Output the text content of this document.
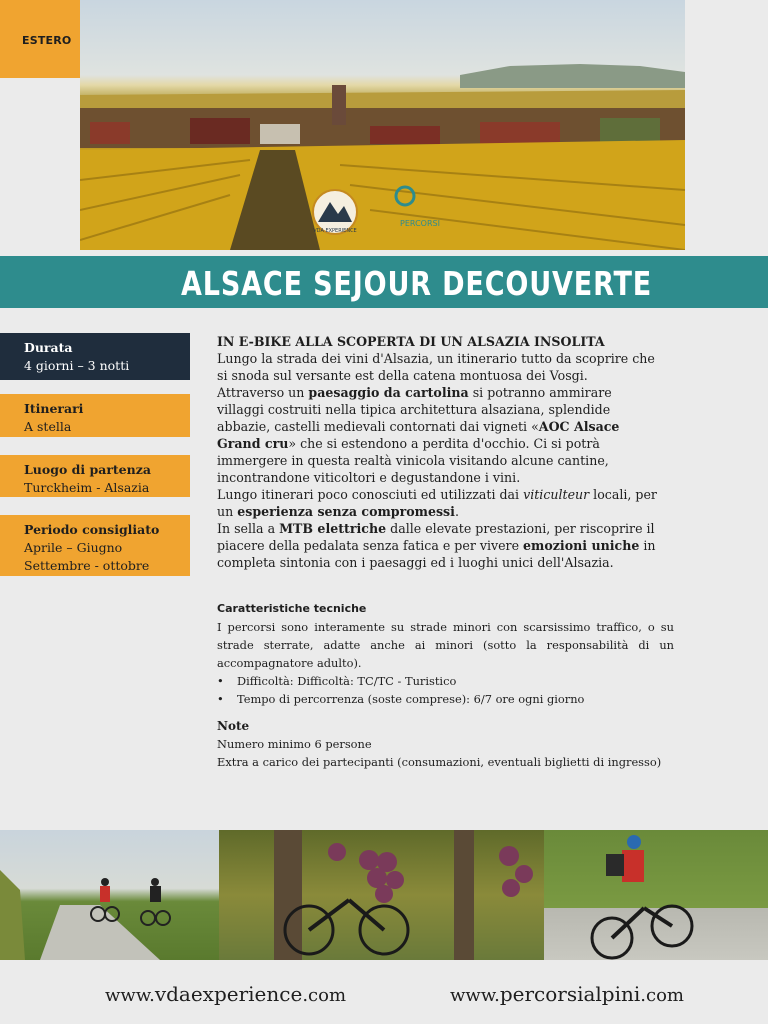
VDA EXPERIENCE
PERCORSI
ESTERO
ALSACE SEJOUR DECOUVERTE
Durata
4 giorni – 3 notti
Itinerari
A stella
Luogo di partenza
Turckheim - Alsazia
Periodo consigliato
Aprile – Giugno
Settembre - ottobre

IN E-BIKE ALLA SCOPERTA DI UN ALSAZIA INSOLITA

Lungo la strada dei vini d'Alsazia, un itinerario tutto da scoprire che si snoda sul versante est della catena montuosa dei Vosgi.

Attraverso un paesaggio da cartolina si potranno ammirare villaggi costruiti nella tipica architettura alsaziana, splendide abbazie, castelli medievali contornati dai vigneti «AOC Alsace Grand cru» che si estendono a perdita d'occhio. Ci si potrà immergere in questa realtà vinicola visitando alcune cantine, incontrandone viticoltori e degustandone i vini.

Lungo itinerari poco conosciuti ed utilizzati dai viticulteur locali, per un esperienza senza compromessi.

In sella a MTB elettriche dalle elevate prestazioni, per riscoprire il piacere della pedalata senza fatica e per vivere emozioni uniche in completa sintonia con i paesaggi ed i luoghi unici dell'Alsazia.

Caratteristiche tecniche
I percorsi sono interamente su strade minori con scarsissimo traffico, o su strade sterrate, adatte anche ai minori (sotto la responsabilità di un accompagnatore adulto).
• Difficoltà: Difficoltà: TC/TC - Turistico
• Tempo di percorrenza (soste comprese): 6/7 ore ogni giorno
Note
Numero minimo 6 persone
Extra a carico dei partecipanti (consumazioni, eventuali biglietti di ingresso)
www.vdaexperience.com	www.percorsialpini.com
